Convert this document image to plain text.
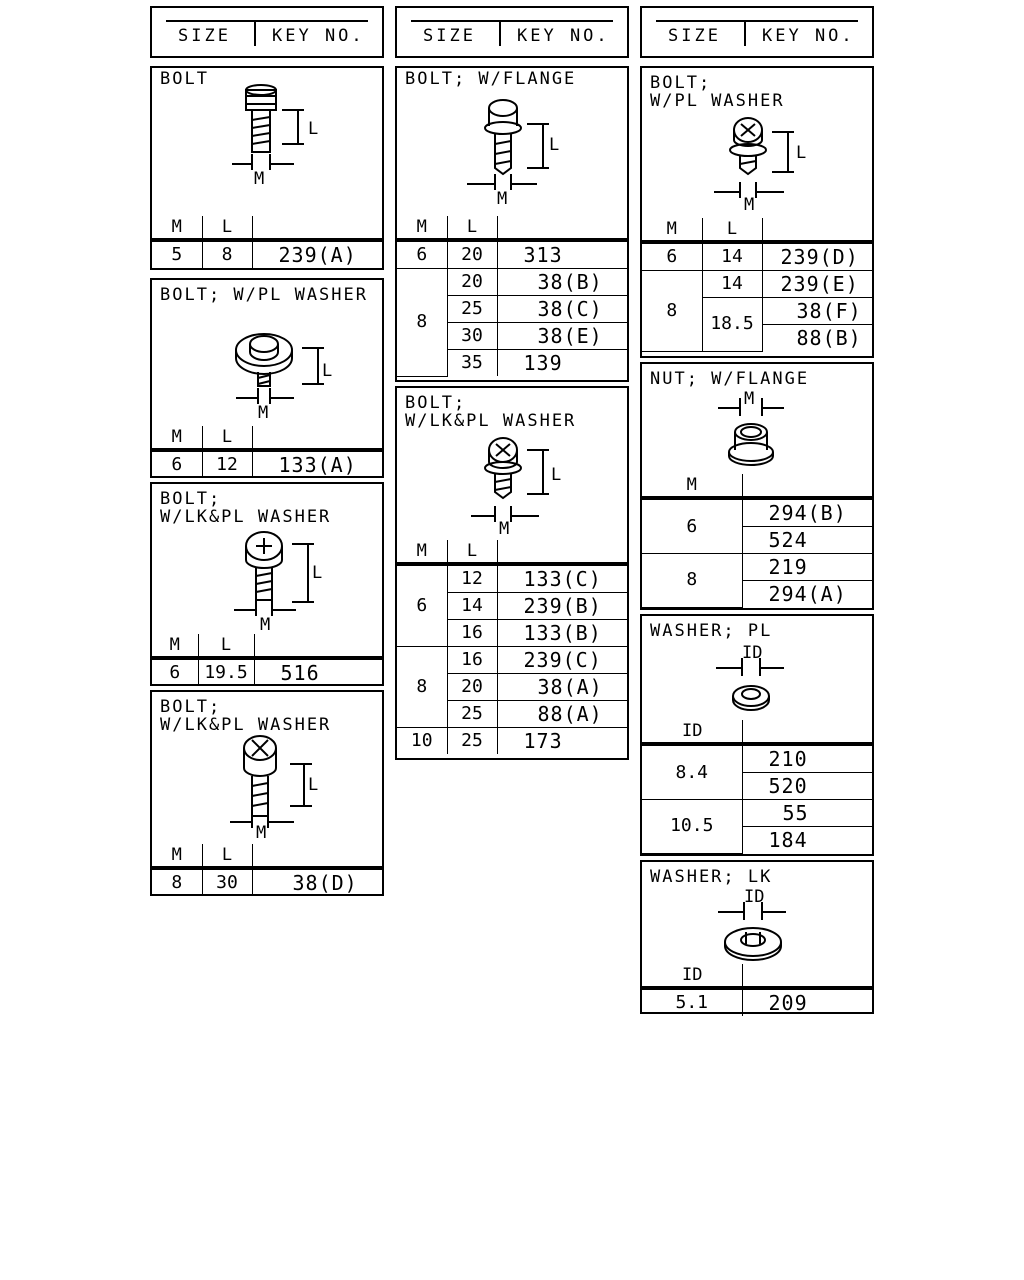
SIZE KEY NO.	SIZE KEY NO.	SIZE KEY NO.
BOLT
L
M
M	L	
5	8	239(A)
BOLT; W/PL WASHER
L
M
M	L	
6	12	133(A)
BOLT;
W/LK&PL WASHER
L
M
M	L	
6	19.5	516
BOLT;
W/LK&PL WASHER
L
M
M	L	
8	30	38(D)
BOLT; W/FLANGE
L
M
M	L	
6	20	313
8	20	38(B)
	25	38(C)
	30	38(E)
	35	139
BOLT;
W/LK&PL WASHER
L
M
M	L	
6	12	133(C)
	14	239(B)
	16	133(B)
8	16	239(C)
	20	38(A)
	25	88(A)
10	25	173
BOLT;
W/PL WASHER
L
M
M	L	
6	14	239(D)
8	14	239(E)
	18.5	38(F)
		88(B)
NUT; W/FLANGE
M
M	
6	294(B)
	524
8	219
	294(A)
WASHER; PL
ID
ID	
8.4	210
	520
10.5	55
	184
WASHER; LK
ID
ID	
5.1	209
